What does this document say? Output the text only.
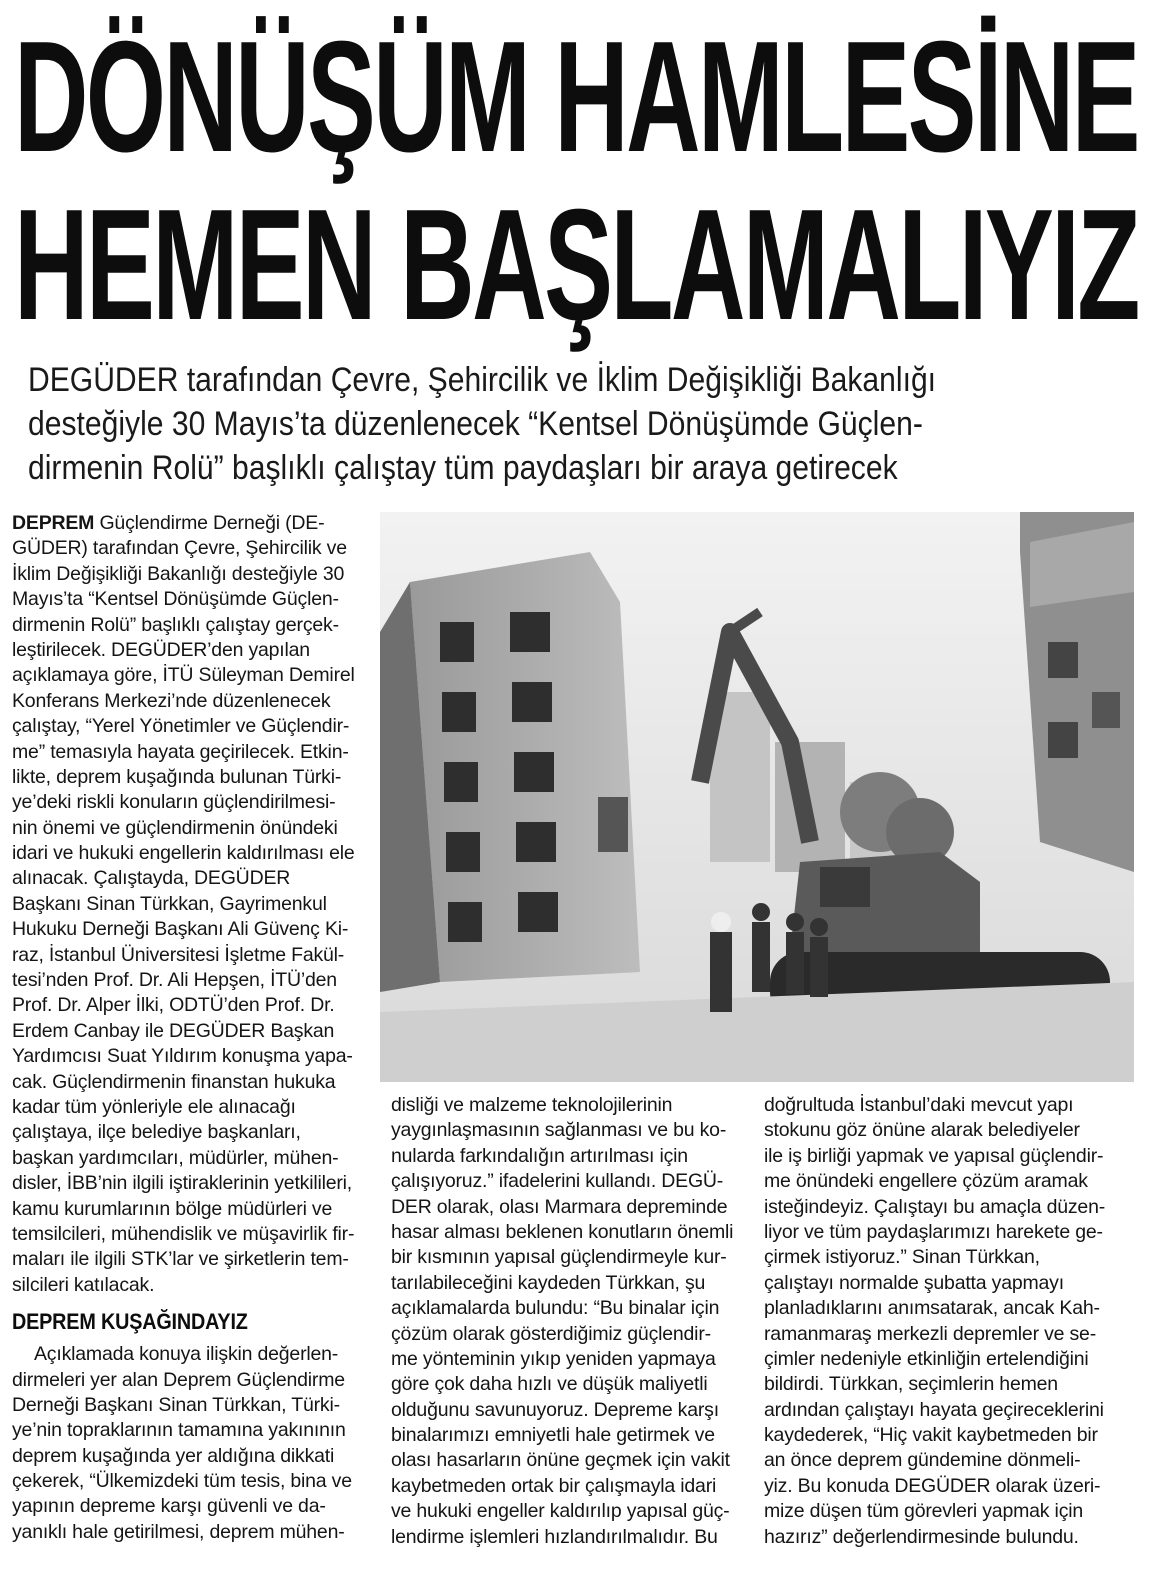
DÖNÜŞÜM HAMLESİNE
HEMEN BAŞLAMALIYIZ
DEGÜDER tarafından Çevre, Şehircilik ve İklim Değişikliği Bakanlığı
desteğiyle 30 Mayıs’ta düzenlenecek “Kentsel Dönüşümde Güçlen-
dirmenin Rolü” başlıklı çalıştay tüm paydaşları bir araya getirecek
DEPREM Güçlendirme Derneği (DE-
GÜDER) tarafından Çevre, Şehircilik ve
İklim Değişikliği Bakanlığı desteğiyle 30
Mayıs’ta “Kentsel Dönüşümde Güçlen-
dirmenin Rolü” başlıklı çalıştay gerçek-
leştirilecek. DEGÜDER’den yapılan
açıklamaya göre, İTÜ Süleyman Demirel
Konferans Merkezi’nde düzenlenecek
çalıştay, “Yerel Yönetimler ve Güçlendir-
me” temasıyla hayata geçirilecek. Etkin-
likte, deprem kuşağında bulunan Türki-
ye’deki riskli konuların güçlendirilmesi-
nin önemi ve güçlendirmenin önündeki
idari ve hukuki engellerin kaldırılması ele
alınacak. Çalıştayda, DEGÜDER
Başkanı Sinan Türkkan, Gayrimenkul
Hukuku Derneği Başkanı Ali Güvenç Ki-
raz, İstanbul Üniversitesi İşletme Fakül-
tesi’nden Prof. Dr. Ali Hepşen, İTÜ’den
Prof. Dr. Alper İlki, ODTÜ’den Prof. Dr.
Erdem Canbay ile DEGÜDER Başkan
Yardımcısı Suat Yıldırım konuşma yapa-
cak. Güçlendirmenin finanstan hukuka
kadar tüm yönleriyle ele alınacağı
çalıştaya, ilçe belediye başkanları,
başkan yardımcıları, müdürler, mühen-
disler, İBB’nin ilgili iştiraklerinin yetkilileri,
kamu kurumlarının bölge müdürleri ve
temsilcileri, mühendislik ve müşavirlik fir-
maları ile ilgili STK’lar ve şirketlerin tem-
silcileri katılacak.
DEPREM KUŞAĞINDAYIZ
Açıklamada konuya ilişkin değerlen-
dirmeleri yer alan Deprem Güçlendirme
Derneği Başkanı Sinan Türkkan, Türki-
ye’nin topraklarının tamamına yakınının
deprem kuşağında yer aldığına dikkati
çekerek, “Ülkemizdeki tüm tesis, bina ve
yapının depreme karşı güvenli ve da-
yanıklı hale getirilmesi, deprem mühen-
disliği ve malzeme teknolojilerinin
yaygınlaşmasının sağlanması ve bu ko-
nularda farkındalığın artırılması için
çalışıyoruz.” ifadelerini kullandı. DEGÜ-
DER olarak, olası Marmara depreminde
hasar alması beklenen konutların önemli
bir kısmının yapısal güçlendirmeyle kur-
tarılabileceğini kaydeden Türkkan, şu
açıklamalarda bulundu: “Bu binalar için
çözüm olarak gösterdiğimiz güçlendir-
me yönteminin yıkıp yeniden yapmaya
göre çok daha hızlı ve düşük maliyetli
olduğunu savunuyoruz. Depreme karşı
binalarımızı emniyetli hale getirmek ve
olası hasarların önüne geçmek için vakit
kaybetmeden ortak bir çalışmayla idari
ve hukuki engeller kaldırılıp yapısal güç-
lendirme işlemleri hızlandırılmalıdır. Bu
doğrultuda İstanbul’daki mevcut yapı
stokunu göz önüne alarak belediyeler
ile iş birliği yapmak ve yapısal güçlendir-
me önündeki engellere çözüm aramak
isteğindeyiz. Çalıştayı bu amaçla düzen-
liyor ve tüm paydaşlarımızı harekete ge-
çirmek istiyoruz.” Sinan Türkkan,
çalıştayı normalde şubatta yapmayı
planladıklarını anımsatarak, ancak Kah-
ramanmaraş merkezli depremler ve se-
çimler nedeniyle etkinliğin ertelendiğini
bildirdi. Türkkan, seçimlerin hemen
ardından çalıştayı hayata geçireceklerini
kaydederek, “Hiç vakit kaybetmeden bir
an önce deprem gündemine dönmeli-
yiz. Bu konuda DEGÜDER olarak üzeri-
mize düşen tüm görevleri yapmak için
hazırız” değerlendirmesinde bulundu.
